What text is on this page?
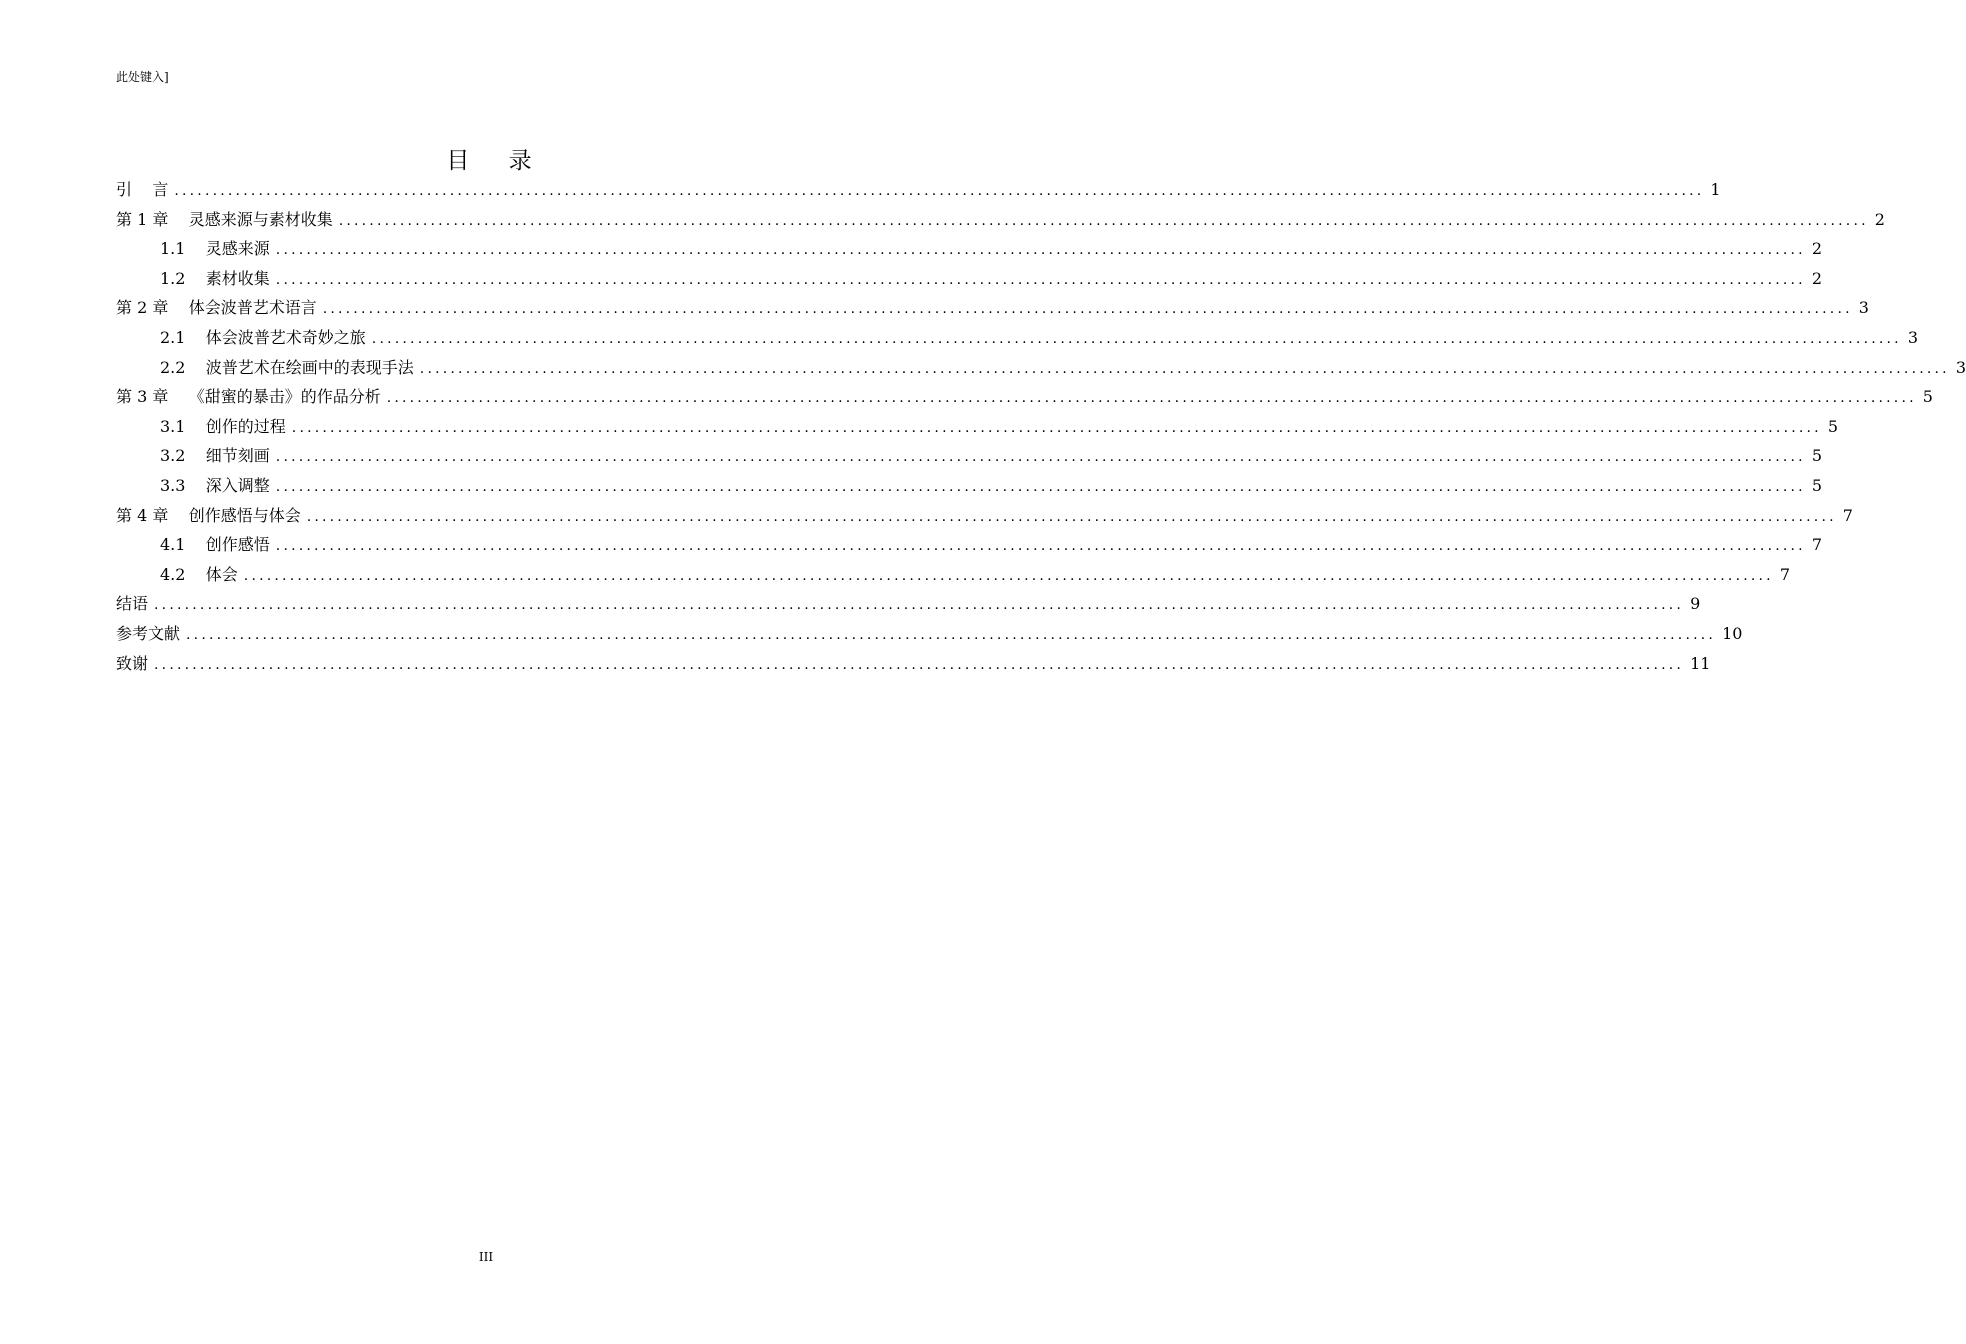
此处键入]
目    录
引    言 ........................................................................................................................................................................................................ 1
第 1 章    灵感来源与素材收集 ........................................................................................................................................................................................................ 2
1.1    灵感来源 ........................................................................................................................................................................................................ 2
1.2    素材收集 ........................................................................................................................................................................................................ 2
第 2 章    体会波普艺术语言 ........................................................................................................................................................................................................ 3
2.1    体会波普艺术奇妙之旅 ........................................................................................................................................................................................................ 3
2.2    波普艺术在绘画中的表现手法 ........................................................................................................................................................................................................ 3
第 3 章    《甜蜜的暴击》的作品分析 ........................................................................................................................................................................................................ 5
3.1    创作的过程 ........................................................................................................................................................................................................ 5
3.2    细节刻画 ........................................................................................................................................................................................................ 5
3.3    深入调整 ........................................................................................................................................................................................................ 5
第 4 章    创作感悟与体会 ........................................................................................................................................................................................................ 7
4.1    创作感悟 ........................................................................................................................................................................................................ 7
4.2    体会 ........................................................................................................................................................................................................ 7
结语 ........................................................................................................................................................................................................ 9
参考文献 ........................................................................................................................................................................................................ 10
致谢 ........................................................................................................................................................................................................ 11
III
